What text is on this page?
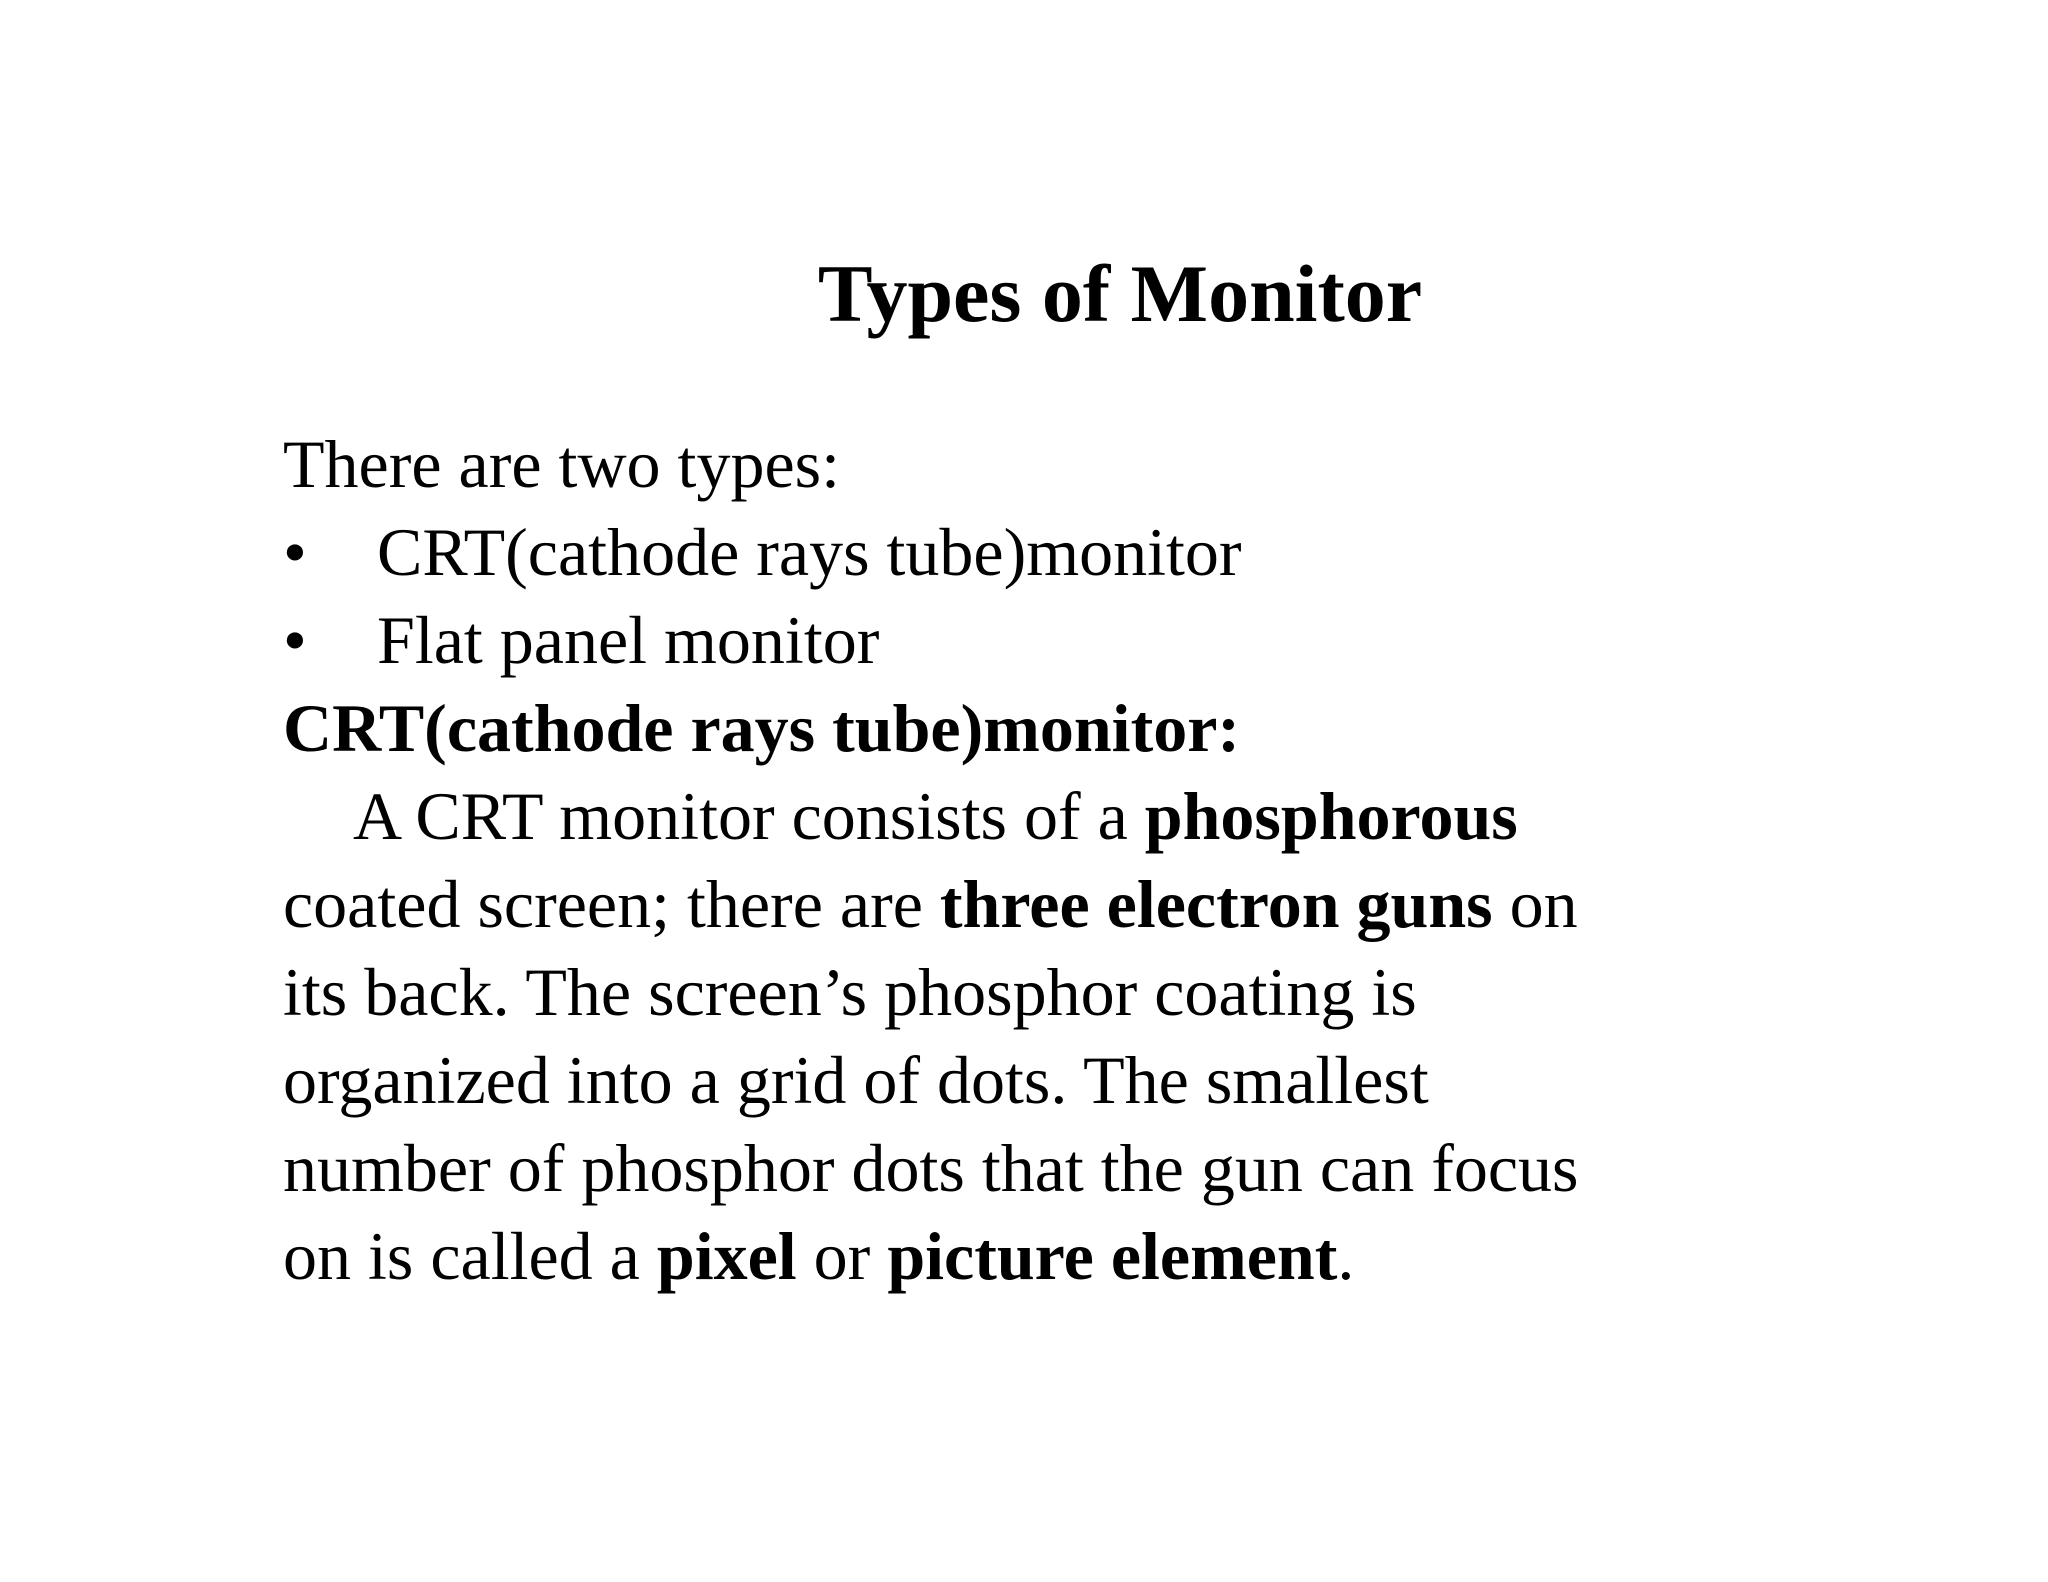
Types of Monitor
There are two types:
• CRT(cathode rays tube)monitor
• Flat panel monitor
CRT(cathode rays tube)monitor:
A CRT monitor consists of a phosphorous
coated screen; there are three electron guns on
its back. The screen’s phosphor coating is
organized into a grid of dots. The smallest
number of phosphor dots that the gun can focus
on is called a pixel or picture element.
